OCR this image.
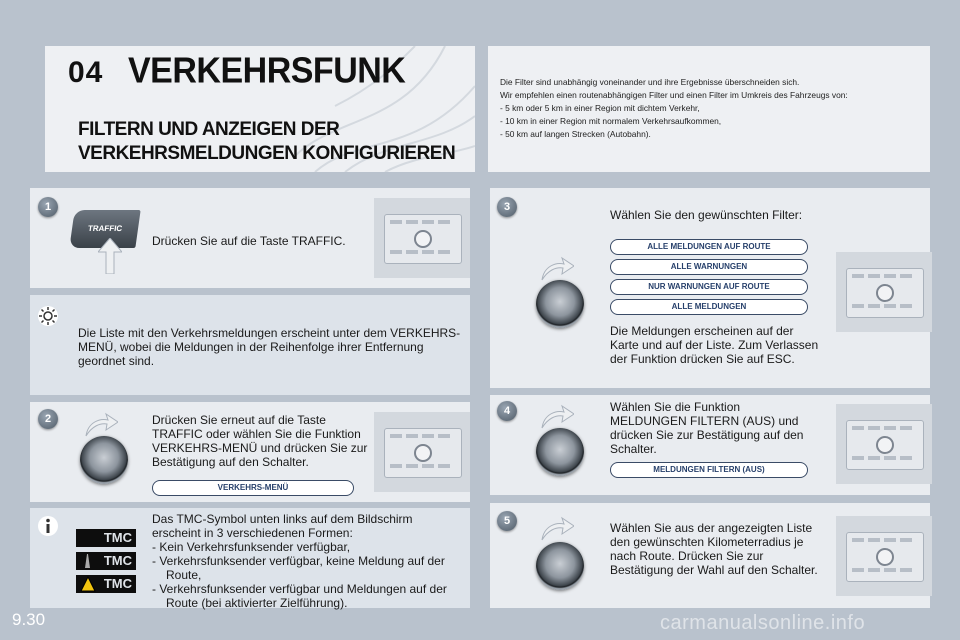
04 VERKEHRSFUNK
FILTERN UND ANZEIGEN DER
VERKEHRSMELDUNGEN KONFIGURIEREN
Die Filter sind unabhängig voneinander und ihre Ergebnisse überschneiden sich.
Wir empfehlen einen routenabhängigen Filter und einen Filter im Umkreis des Fahrzeugs von:
- 5 km oder 5 km in einer Region mit dichtem Verkehr,
- 10 km in einer Region mit normalem Verkehrsaufkommen,
- 50 km auf langen Strecken (Autobahn).
1
TRAFFIC
Drücken Sie auf die Taste TRAFFIC.
Die Liste mit den Verkehrsmeldungen erscheint unter dem VERKEHRS-MENÜ, wobei die Meldungen in der Reihenfolge ihrer Entfernung geordnet sind.
2	Drücken Sie erneut auf die Taste TRAFFIC oder wählen Sie die Funktion VERKEHRS-MENÜ und drücken Sie zur Bestätigung auf den Schalter.
VERKEHRS-MENÜ
TMC
TMC
TMC
Das TMC-Symbol unten links auf dem Bildschirm erscheint in 3 verschiedenen Formen:
- Kein Verkehrsfunksender verfügbar,
- Verkehrsfunksender verfügbar, keine Meldung auf der Route,
- Verkehrsfunksender verfügbar und Meldungen auf der Route (bei aktivierter Zielführung).
3
Wählen Sie den gewünschten Filter:
ALLE MELDUNGEN AUF ROUTE
ALLE WARNUNGEN
NUR WARNUNGEN AUF ROUTE
ALLE MELDUNGEN
Die Meldungen erscheinen auf der Karte und auf der Liste. Zum Verlassen der Funktion drücken Sie auf ESC.
4	Wählen Sie die Funktion MELDUNGEN FILTERN (AUS) und drücken Sie zur Bestätigung auf den Schalter.
MELDUNGEN FILTERN (AUS)
5	Wählen Sie aus der angezeigten Liste den gewünschten Kilometerradius je nach Route. Drücken Sie zur Bestätigung der Wahl auf den Schalter.
9.30	carmanualsonline.info
